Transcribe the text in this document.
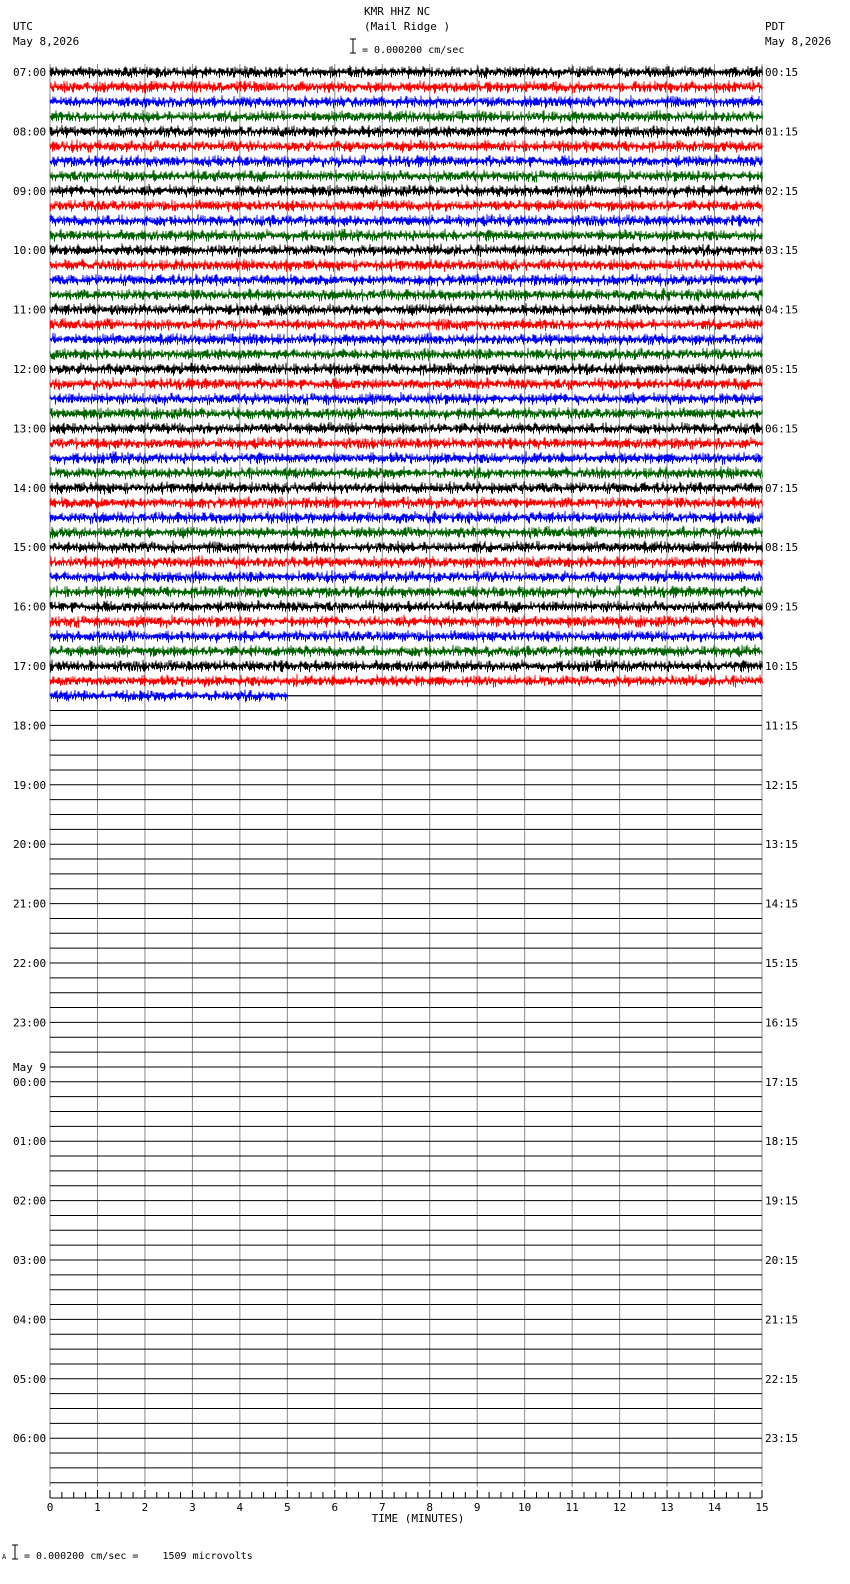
KMR HHZ NC
(Mail Ridge )
= 0.000200 cm/sec
UTC
May 8,2026
PDT
May 8,2026
07:00
08:00
09:00
10:00
11:00
12:00
13:00
14:00
15:00
16:00
17:00
18:00
19:00
20:00
21:00
22:00
23:00
00:00
01:00
02:00
03:00
04:00
05:00
06:00
May 9
00:15
01:15
02:15
03:15
04:15
05:15
06:15
07:15
08:15
09:15
10:15
11:15
12:15
13:15
14:15
15:15
16:15
17:15
18:15
19:15
20:15
21:15
22:15
23:15
0	1	2	3	4	5	6	7	8	9	10	11	12	13	14	15
TIME (MINUTES)
A = 0.000200 cm/sec =    1509 microvolts
